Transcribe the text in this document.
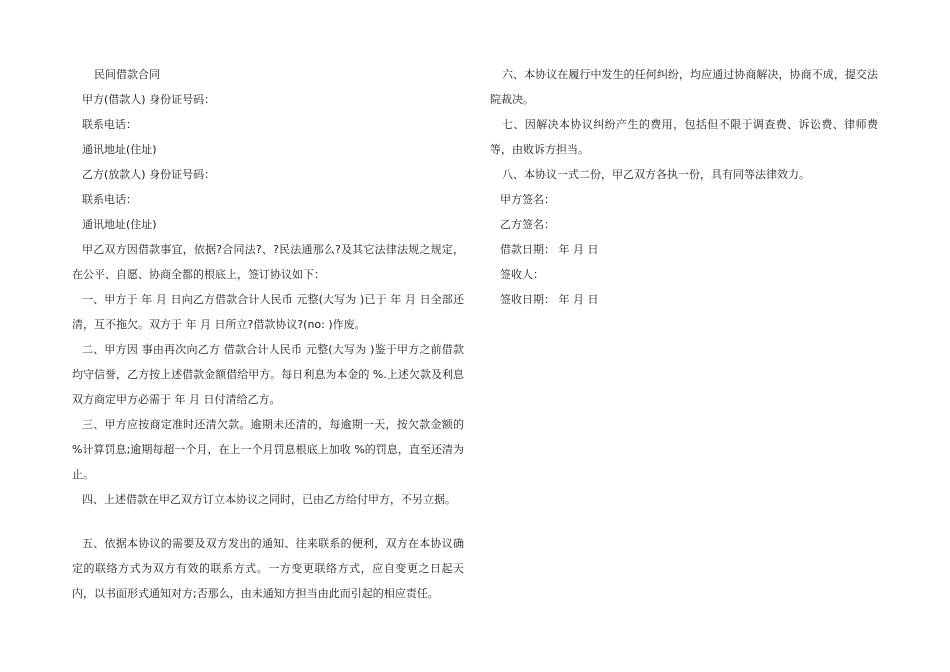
民间借款合同
甲方(借款人) 身份证号码：
联系电话：
通讯地址(住址)
乙方(放款人) 身份证号码：
联系电话：
通讯地址(住址)
甲乙双方因借款事宜，依据?合同法?、?民法通那么?及其它法律法规之规定，在公平、自愿、协商全都的根底上，签订协议如下：
一、甲方于 年 月 日向乙方借款合计人民币 元整(大写为 )已于 年 月 日全部还清，互不拖欠。双方于 年 月 日所立?借款协议?(no: )作废。
二、甲方因 事由再次向乙方 借款合计人民币 元整(大写为 )鉴于甲方之前借款均守信誉，乙方按上述借款金额借给甲方。每日利息为本金的 %.上述欠款及利息双方商定甲方必需于 年 月 日付清给乙方。
三、甲方应按商定准时还清欠款。逾期未还清的，每逾期一天，按欠款金额的 %计算罚息;逾期每超一个月，在上一个月罚息根底上加收 %的罚息，直至还清为止。
四、上述借款在甲乙双方订立本协议之同时，已由乙方给付甲方，不另立据。
五、依据本协议的需要及双方发出的通知、往来联系的便利，双方在本协议确定的联络方式为双方有效的联系方式。一方变更联络方式，应自变更之日起天内，以书面形式通知对方;否那么，由未通知方担当由此而引起的相应责任。
六、本协议在履行中发生的任何纠纷，均应通过协商解决，协商不成，提交法院裁决。
七、因解决本协议纠纷产生的费用，包括但不限于调查费、诉讼费、律师费等，由败诉方担当。
八、本协议一式二份，甲乙双方各执一份，具有同等法律效力。
甲方签名：
乙方签名：
借款日期： 年 月 日
签收人：
签收日期： 年 月 日
